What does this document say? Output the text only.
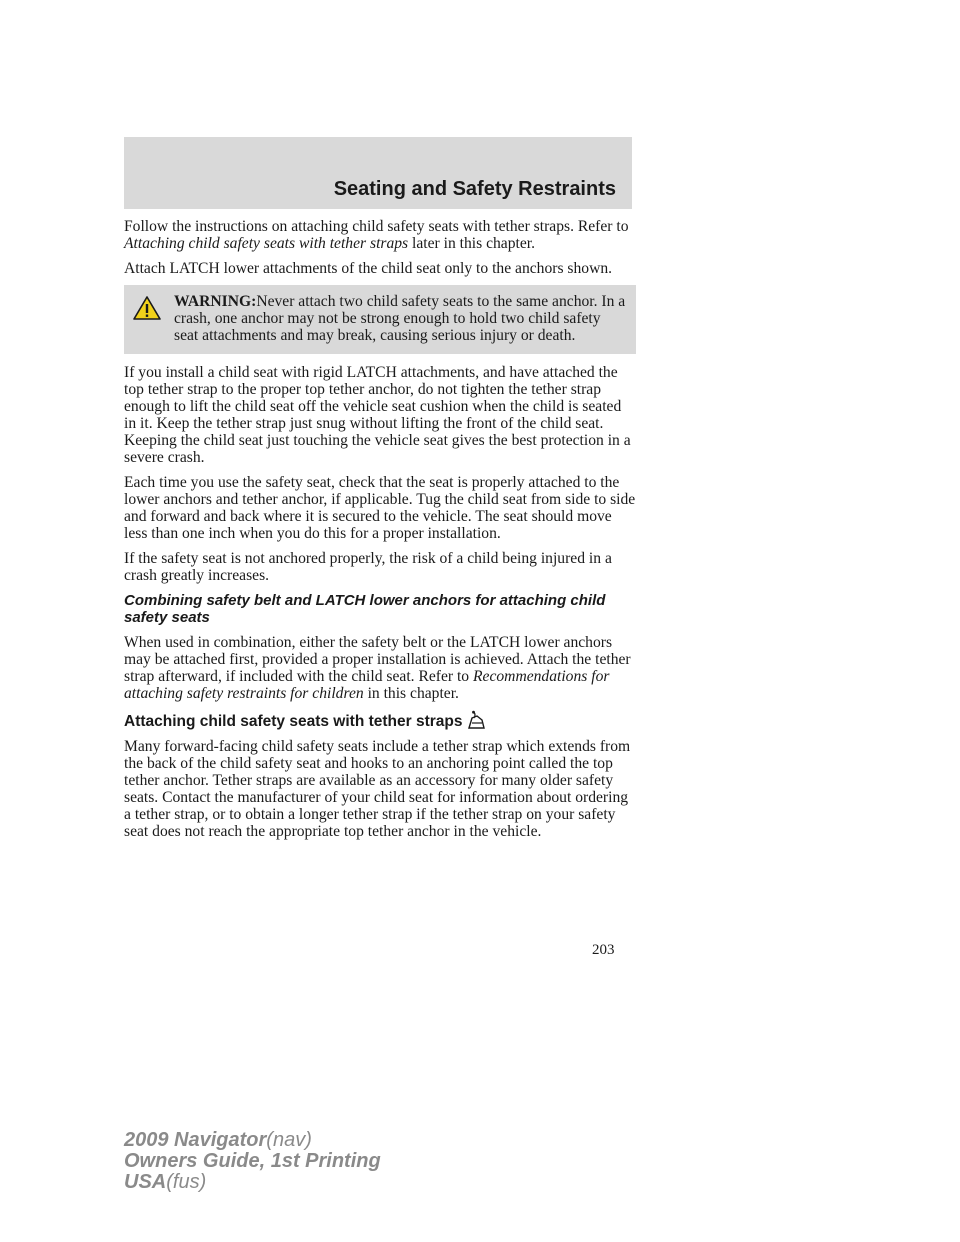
Seating and Safety Restraints

Follow the instructions on attaching child safety seats with tether straps. Refer to Attaching child safety seats with tether straps later in this chapter.

Attach LATCH lower attachments of the child seat only to the anchors shown.

WARNING:Never attach two child safety seats to the same anchor. In a crash, one anchor may not be strong enough to hold two child safety seat attachments and may break, causing serious injury or death.

If you install a child seat with rigid LATCH attachments, and have attached the top tether strap to the proper top tether anchor, do not tighten the tether strap enough to lift the child seat off the vehicle seat cushion when the child is seated in it. Keep the tether strap just snug without lifting the front of the child seat. Keeping the child seat just touching the vehicle seat gives the best protection in a severe crash.

Each time you use the safety seat, check that the seat is properly attached to the lower anchors and tether anchor, if applicable. Tug the child seat from side to side and forward and back where it is secured to the vehicle. The seat should move less than one inch when you do this for a proper installation.

If the safety seat is not anchored properly, the risk of a child being injured in a crash greatly increases.

Combining safety belt and LATCH lower anchors for attaching child safety seats

When used in combination, either the safety belt or the LATCH lower anchors may be attached first, provided a proper installation is achieved. Attach the tether strap afterward, if included with the child seat. Refer to Recommendations for attaching safety restraints for children in this chapter.

Attaching child safety seats with tether straps

Many forward-facing child safety seats include a tether strap which extends from the back of the child safety seat and hooks to an anchoring point called the top tether anchor. Tether straps are available as an accessory for many older safety seats. Contact the manufacturer of your child seat for information about ordering a tether strap, or to obtain a longer tether strap if the tether strap on your safety seat does not reach the appropriate top tether anchor in the vehicle.

203
2009 Navigator(nav)
Owners Guide, 1st Printing
USA(fus)
